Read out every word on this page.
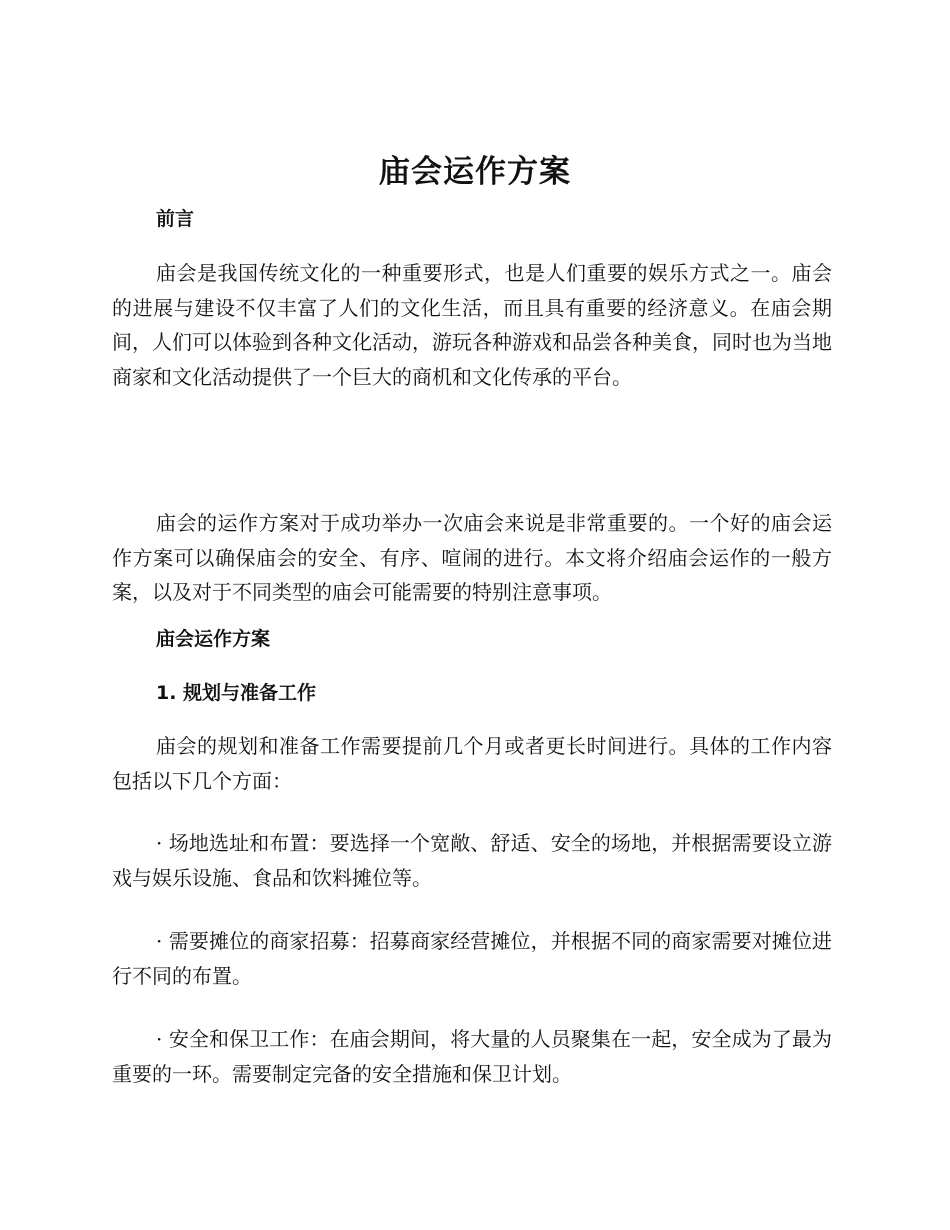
庙会运作方案
前言

庙会是我国传统文化的一种重要形式，也是人们重要的娱乐方式之一。庙会的进展与建设不仅丰富了人们的文化生活，而且具有重要的经济意义。在庙会期间，人们可以体验到各种文化活动，游玩各种游戏和品尝各种美食，同时也为当地商家和文化活动提供了一个巨大的商机和文化传承的平台。

庙会的运作方案对于成功举办一次庙会来说是非常重要的。一个好的庙会运作方案可以确保庙会的安全、有序、喧闹的进行。本文将介绍庙会运作的一般方案，以及对于不同类型的庙会可能需要的特别注意事项。

庙会运作方案
1. 规划与准备工作

庙会的规划和准备工作需要提前几个月或者更长时间进行。具体的工作内容包括以下几个方面：

· 场地选址和布置：要选择一个宽敞、舒适、安全的场地，并根据需要设立游戏与娱乐设施、食品和饮料摊位等。

· 需要摊位的商家招募：招募商家经营摊位，并根据不同的商家需要对摊位进行不同的布置。

· 安全和保卫工作：在庙会期间，将大量的人员聚集在一起，安全成为了最为重要的一环。需要制定完备的安全措施和保卫计划。
